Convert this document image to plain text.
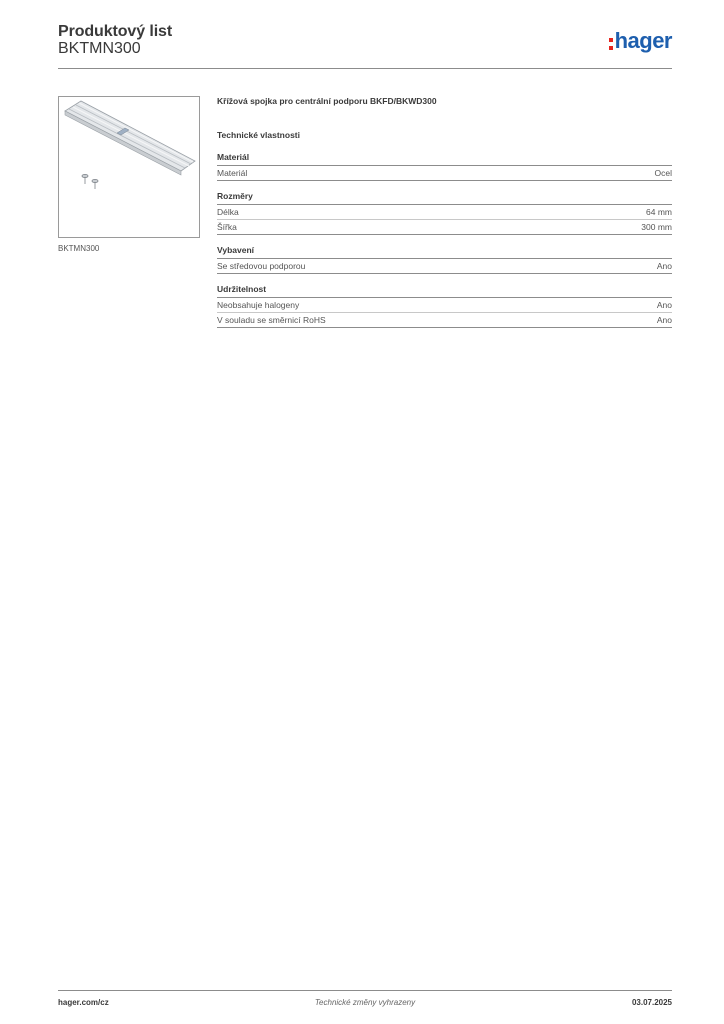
Produktový list
BKTMN300	hager
BKTMN300
Křížová spojka pro centrální podporu BKFD/BKWD300
Technické vlastnosti
Materiál
Materiál	Ocel
Rozměry
Délka	64 mm
Šířka	300 mm
Vybavení
Se středovou podporou	Ano
Udržitelnost
Neobsahuje halogeny	Ano
V souladu se směrnicí RoHS	Ano
hager.com/cz	Technické změny vyhrazeny	03.07.2025
